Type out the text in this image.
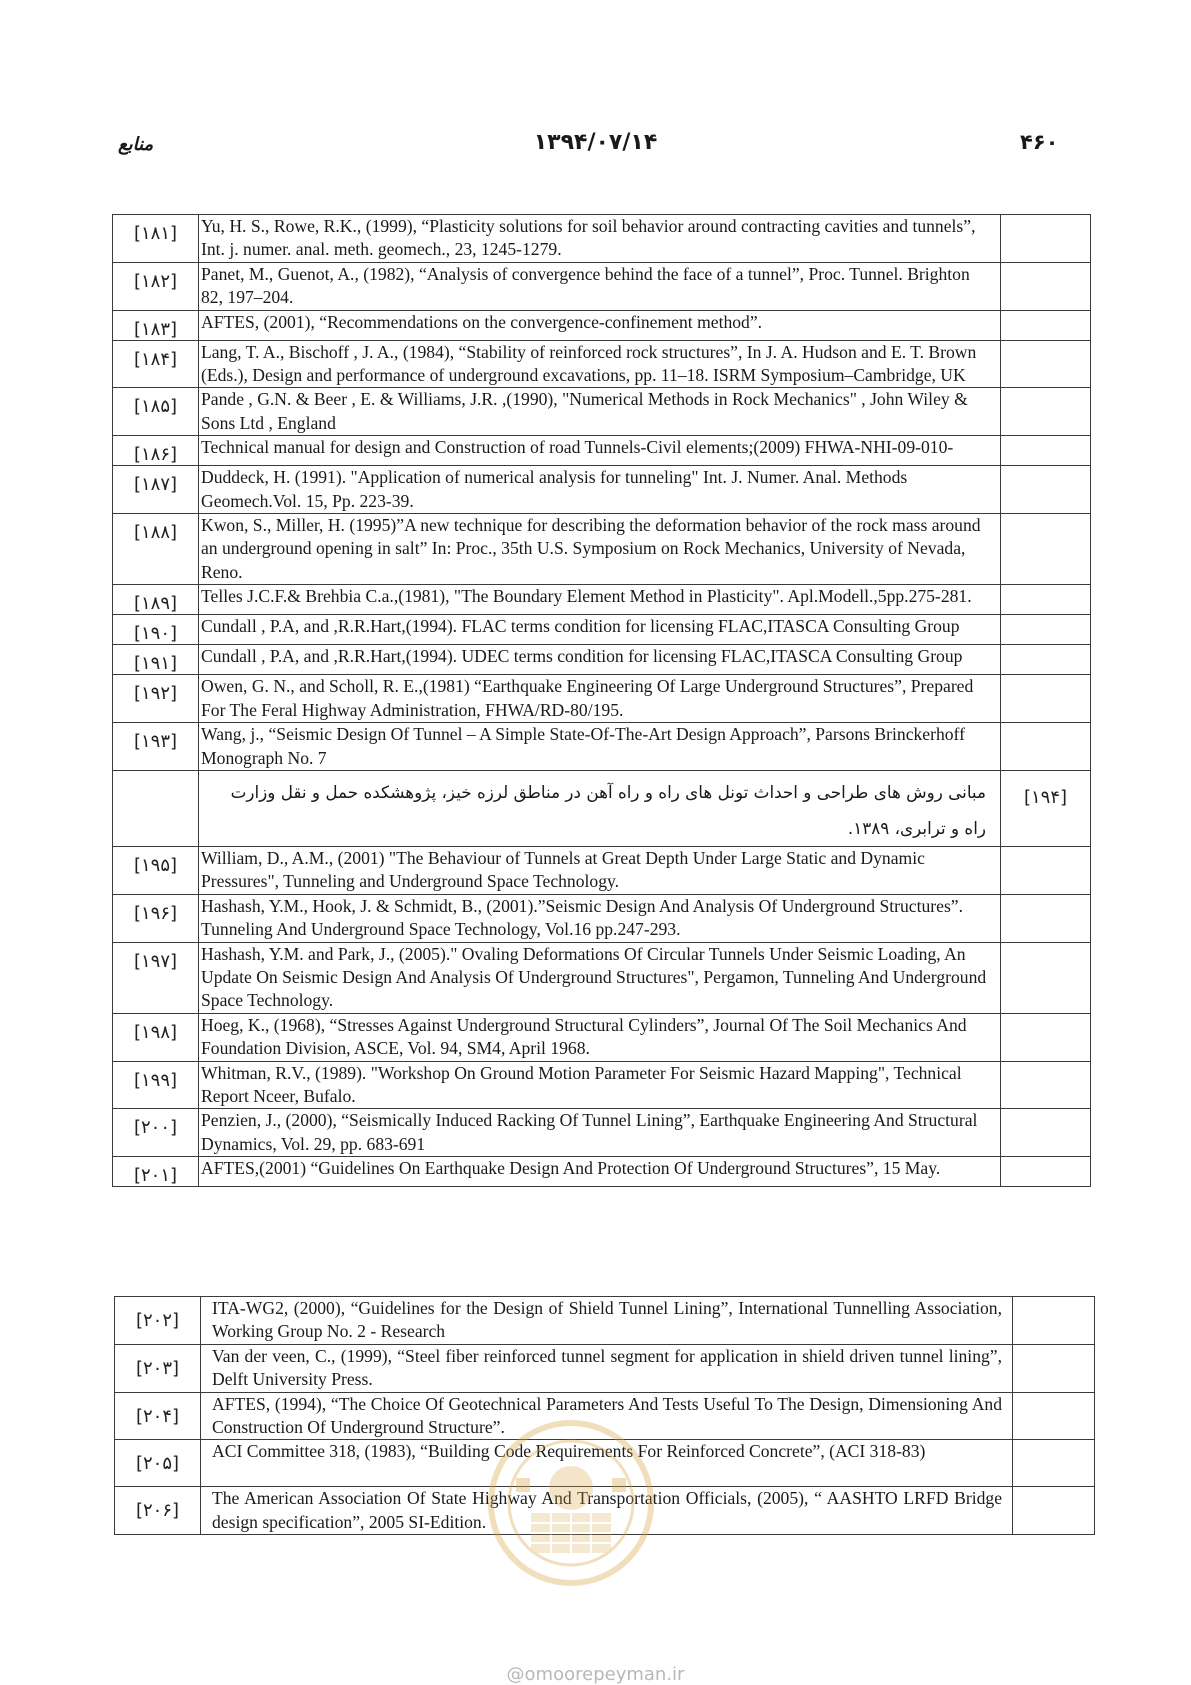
۴۶۰
۱۳۹۴/۰۷/۱۴
منابع
[۱۸۱]	Yu, H. S., Rowe, R.K., (1999), “Plasticity solutions for soil behavior around contracting cavities and tunnels”, Int. j. numer. anal. meth. geomech., 23, 1245-1279.	
[۱۸۲]	Panet, M., Guenot, A., (1982), “Analysis of convergence behind the face of a tunnel”, Proc. Tunnel. Brighton 82, 197–204.	
[۱۸۳]	AFTES, (2001), “Recommendations on the convergence-confinement method”.	
[۱۸۴]	Lang, T. A., Bischoff , J. A., (1984), “Stability of reinforced rock structures”, In J. A. Hudson and E. T. Brown (Eds.), Design and performance of underground excavations, pp. 11–18. ISRM Symposium–Cambridge, UK	
[۱۸۵]	Pande , G.N. & Beer , E. & Williams, J.R. ,(1990), "Numerical Methods in Rock Mechanics" , John Wiley & Sons Ltd , England	
[۱۸۶]	Technical manual for design and Construction of road Tunnels-Civil elements;(2009) FHWA-NHI-09-010-	
[۱۸۷]	Duddeck, H. (1991). "Application of numerical analysis for tunneling" Int. J. Numer. Anal. Methods Geomech.Vol. 15, Pp. 223-39.	
[۱۸۸]	Kwon, S., Miller, H. (1995)”A new technique for describing the deformation behavior of the rock mass around an underground opening in salt” In: Proc., 35th U.S. Symposium on Rock Mechanics, University of Nevada, Reno.	
[۱۸۹]	Telles J.C.F.& Brehbia C.a.,(1981), "The Boundary Element Method in Plasticity". Apl.Modell.,5pp.275-281.	
[۱۹۰]	Cundall , P.A, and ,R.R.Hart,(1994). FLAC terms condition for licensing FLAC,ITASCA Consulting Group	
[۱۹۱]	Cundall , P.A, and ,R.R.Hart,(1994). UDEC terms condition for licensing FLAC,ITASCA Consulting Group	
[۱۹۲]	Owen, G. N., and Scholl, R. E.,(1981) “Earthquake Engineering Of Large Underground Structures”, Prepared For The Feral Highway Administration, FHWA/RD-80/195.	
[۱۹۳]	Wang, j., “Seismic Design Of Tunnel – A Simple State-Of-The-Art Design Approach”, Parsons Brinckerhoff Monograph No. 7	
	مبانی روش های طراحی و احداث تونل های راه و راه آهن در مناطق لرزه خیز، پژوهشکده حمل و نقل وزارت راه و ترابری، ۱۳۸۹.	[۱۹۴]
[۱۹۵]	William, D., A.M., (2001) "The Behaviour of Tunnels at Great Depth Under Large Static and Dynamic Pressures", Tunneling and Underground Space Technology.	
[۱۹۶]	Hashash, Y.M., Hook, J. & Schmidt, B., (2001).”Seismic Design And Analysis Of Underground Structures”. Tunneling And Underground Space Technology, Vol.16 pp.247-293.	
[۱۹۷]	Hashash, Y.M. and Park, J., (2005)." Ovaling Deformations Of Circular Tunnels Under Seismic Loading, An Update On Seismic Design And Analysis Of Underground Structures", Pergamon, Tunneling And Underground Space Technology.	
[۱۹۸]	Hoeg, K., (1968), “Stresses Against Underground Structural Cylinders”, Journal Of The Soil Mechanics And Foundation Division, ASCE, Vol. 94, SM4, April 1968.	
[۱۹۹]	Whitman, R.V., (1989). "Workshop On Ground Motion Parameter For Seismic Hazard Mapping", Technical Report Nceer, Bufalo.	
[۲۰۰]	Penzien, J., (2000), “Seismically Induced Racking Of Tunnel Lining”, Earthquake Engineering And Structural Dynamics, Vol. 29, pp. 683-691	
[۲۰۱]	AFTES,(2001) “Guidelines On Earthquake Design And Protection Of Underground Structures”, 15 May.	
[۲۰۲]	ITA-WG2, (2000), “Guidelines for the Design of Shield Tunnel Lining”, International Tunnelling Association, Working Group No. 2 - Research	
[۲۰۳]	Van der veen, C., (1999), “Steel fiber reinforced tunnel segment for application in shield driven tunnel lining”, Delft University Press.	
[۲۰۴]	AFTES, (1994), “The Choice Of Geotechnical Parameters And Tests Useful To The Design, Dimensioning And Construction Of Underground Structure”.	
[۲۰۵]	ACI Committee 318, (1983), “Building Code Requirements For Reinforced Concrete”, (ACI 318-83)	
[۲۰۶]	The American Association Of State Highway And Transportation Officials, (2005), “ AASHTO LRFD Bridge design specification”, 2005 SI-Edition.	
@omoorepeyman.ir
